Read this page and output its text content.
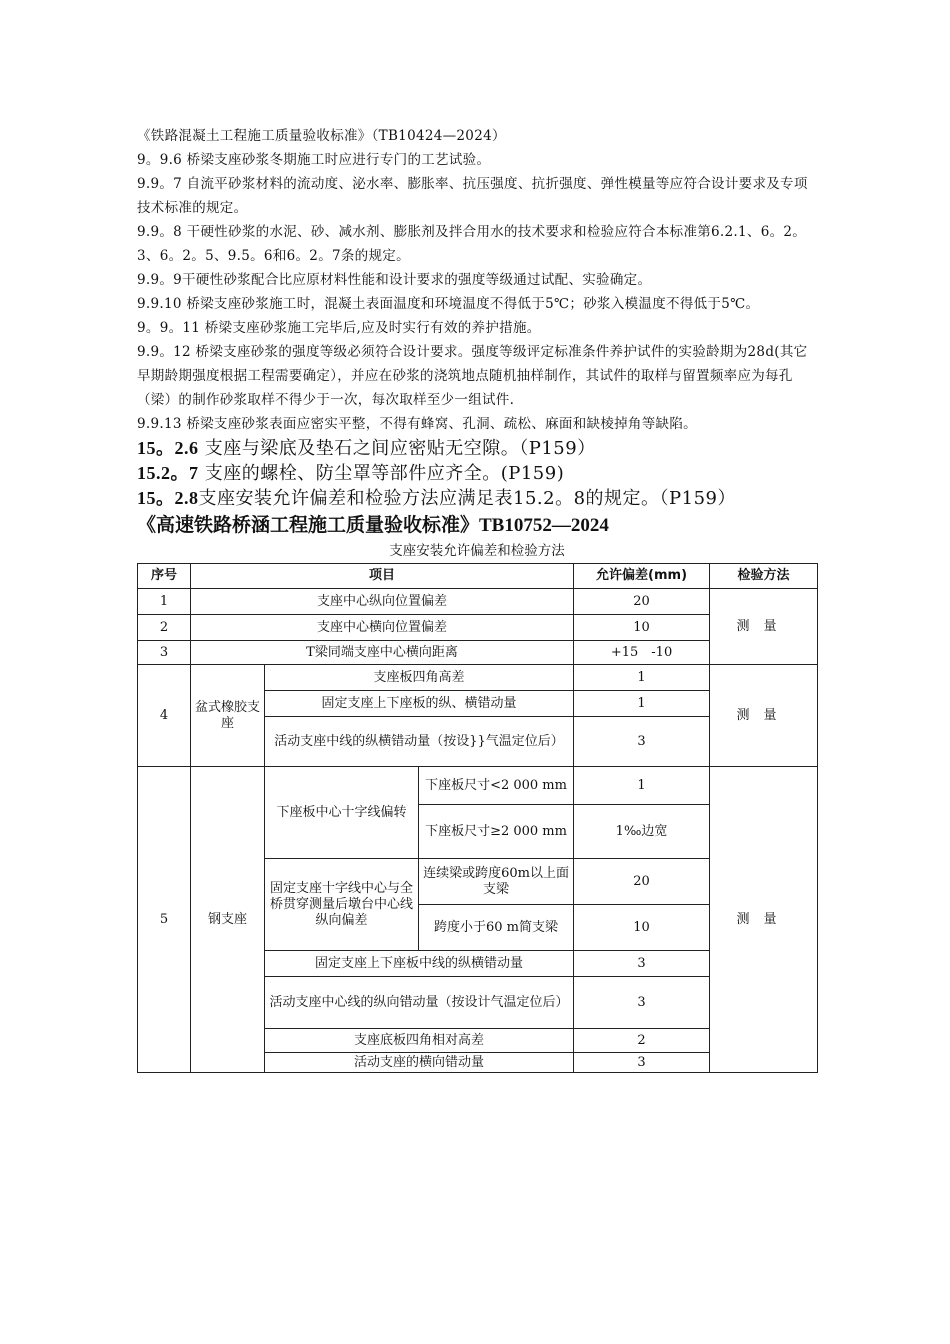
《铁路混凝土工程施工质量验收标准》（TB10424—2024）

9。9.6 桥梁支座砂浆冬期施工时应进行专门的工艺试验。

9.9。7 自流平砂浆材料的流动度、泌水率、膨胀率、抗压强度、抗折强度、弹性模量等应符合设计要求及专项技术标准的规定。

9.9。8 干硬性砂浆的水泥、砂、减水剂、膨胀剂及拌合用水的技术要求和检验应符合本标准第6.2.1、6。2。3、6。2。5、9.5。6和6。2。7条的规定。

9.9。9干硬性砂浆配合比应原材料性能和设计要求的强度等级通过试配、实验确定。

9.9.10 桥梁支座砂浆施工时，混凝土表面温度和环境温度不得低于5℃；砂浆入模温度不得低于5℃。

9。9。11 桥梁支座砂浆施工完毕后,应及时实行有效的养护措施。

9.9。12 桥梁支座砂浆的强度等级必须符合设计要求。强度等级评定标准条件养护试件的实验龄期为28d(其它早期龄期强度根据工程需要确定），并应在砂浆的浇筑地点随机抽样制作，其试件的取样与留置频率应为每孔（梁）的制作砂浆取样不得少于一次，每次取样至少一组试件.

9.9.13 桥梁支座砂浆表面应密实平整，不得有蜂窝、孔洞、疏松、麻面和缺棱掉角等缺陷。

15。2.6 支座与梁底及垫石之间应密贴无空隙。（P159）

15.2。7 支座的螺栓、防尘罩等部件应齐全。(P159)

15。2.8支座安装允许偏差和检验方法应满足表15.2。8的规定。（P159）

《高速铁路桥涵工程施工质量验收标准》TB10752—2024

支座安装允许偏差和检验方法

序号	项目			允许偏差(mm)	检验方法
1	支座中心纵向位置偏差			20	测量
2	支座中心横向位置偏差			10	
3	T梁同端支座中心横向距离			+15　-10	
4	盆式橡胶支座	支座板四角高差		1	测量
		固定支座上下座板的纵、横错动量		1	
		活动支座中线的纵横错动量（按设}}气温定位后）		3	
5	钢支座	下座板中心十字线偏转	下座板尺寸<2 000 mm	1	测量
			下座板尺寸≥2 000 mm	1‰边宽	
		固定支座十字线中心与全桥贯穿测量后墩台中心线纵向偏差	连续梁或跨度60m以上面支梁	20	
			跨度小于60 m简支梁	10	
		固定支座上下座板中线的纵横错动量		3	
		活动支座中心线的纵向错动量（按设计气温定位后）		3	
		支座底板四角相对高差		2	
		活动支座的横向错动量		3	
